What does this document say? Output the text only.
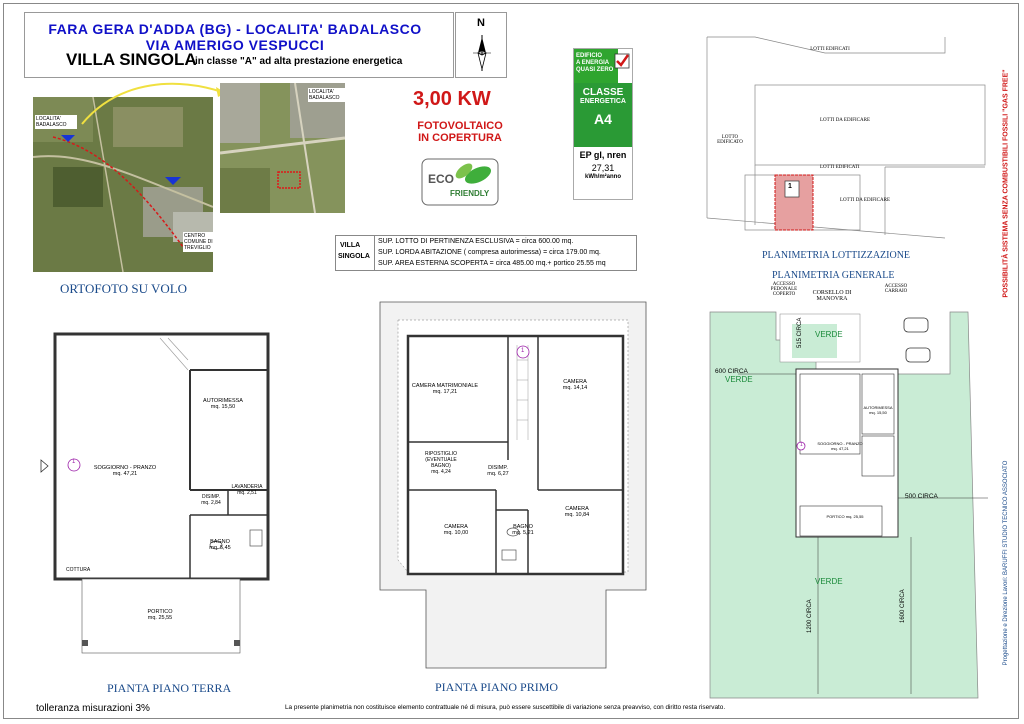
FARA GERA D'ADDA (BG) - LOCALITA' BADALASCO
VIA AMERIGO VESPUCCI
VILLA SINGOLA
in classe "A" ad alta prestazione energetica
N
LOCALITA' BADALASCO
CENTRO COMUNE DI TREVIGLIO
LOCALITA' BADALASCO
ORTOFOTO SU VOLO
3,00 KW
FOTOVOLTAICO
IN COPERTURA
ECO
FRIENDLY
EDIFICIO
A ENERGIA
QUASI ZERO
CLASSE
ENERGETICA
A4
EP gl, nren
27,31
kWh/m²anno
VILLA
SINGOLA
SUP. LOTTO DI PERTINENZA ESCLUSIVA = circa 600.00 mq.
SUP. LORDA ABITAZIONE ( compresa autorimessa) = circa 179.00 mq.
SUP. AREA ESTERNA SCOPERTA = circa 485.00 mq.+ portico 25.55 mq
LOTTI EDIFICATI
LOTTI DA EDIFICARE
LOTTO EDIFICATO
LOTTI EDIFICATI
LOTTI DA EDIFICARE
1
PLANIMETRIA LOTTIZZAZIONE
PLANIMETRIA GENERALE	POSSIBILITÀ SISTEMA SENZA COMBUSTIBILI FOSSILI "GAS FREE"
Progettazione e Direzione Lavori: BARUFFI STUDIO TECNICO ASSOCIATO
ACCESSO PEDONALE COPERTO	CORSELLO DI MANOVRA
ACCESSO CARRAIO
VERDE
VERDE
VERDE
600 CIRCA
500 CIRCA
515 CIRCA
1200 CIRCA	1600 CIRCA
SOGGIORNO - PRANZO mq. 47,21
AUTORIMESSA mq. 15,50
PORTICO mq. 25,55
1
AUTORIMESSA
mq. 15,50
SOGGIORNO - PRANZO
mq. 47,21
DISIMP.
mq. 2,84
LAVANDERIA
mq. 2,51
BAGNO
mq. 5,45
COTTURA
PORTICO
mq. 25,55
1
PIANTA PIANO TERRA
CAMERA MATRIMONIALE
mq. 17,21
CAMERA
mq. 14,14
RIPOSTIGLIO (EVENTUALE BAGNO)
mq. 4,24
DISIMP.
mq. 6,27
CAMERA
mq. 10,00
BAGNO
mq. 5,21
CAMERA
mq. 10,84
1
PIANTA PIANO PRIMO
tolleranza misurazioni 3%	La presente planimetria non costituisce elemento contrattuale né di misura, può essere suscettibile di variazione senza preavviso, con diritto resta riservato.
